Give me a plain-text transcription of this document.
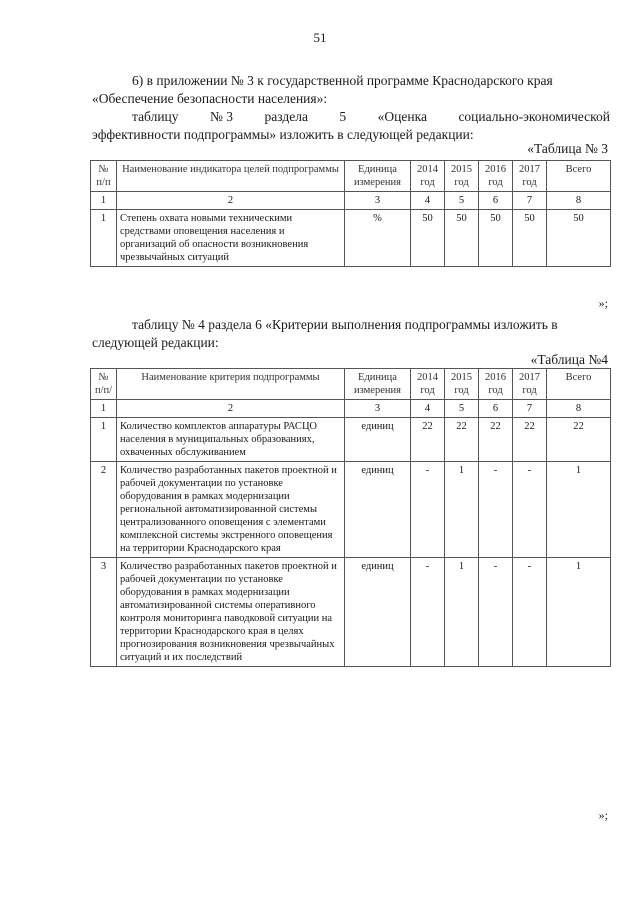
51
6) в приложении № 3 к государственной программе Краснодарского края
«Обеспечение безопасности населения»:
таблицу № 3 раздела 5 «Оценка социально-экономической
эффективности подпрограммы» изложить в следующей редакции:
«Таблица № 3
№ п/п	Наименование индикатора целей подпрограммы	Единица измерения	2014 год	2015 год	2016 год	2017 год	Всего
1	2	3	4	5	6	7	8
1	Степень охвата новыми техническими средствами оповещения населения и организаций об опасности возникновения чрезвычайных ситуаций	%	50	50	50	50	50
»;
таблицу № 4 раздела 6 «Критерии выполнения подпрограммы изложить в
следующей редакции:
«Таблица №4
№ п/п/	Наименование критерия подпрограммы	Единица измерения	2014 год	2015 год	2016 год	2017 год	Всего
1	2	3	4	5	6	7	8
1	Количество комплектов аппаратуры РАСЦО населения в муниципальных образованиях, охваченных обслуживанием	единиц	22	22	22	22	22
2	Количество разработанных пакетов проектной и рабочей документации по установке оборудования в рамках модернизации региональной автоматизированной системы централизованного оповещения с элементами комплексной системы экстренного оповещения на территории Краснодарского края	единиц	-	1	-	-	1
3	Количество разработанных пакетов проектной и рабочей документации по установке оборудования в рамках модернизации автоматизированной системы оперативного контроля мониторинга паводковой ситуации на территории Краснодарского края в целях прогнозирования возникновения чрезвычайных ситуаций и их последствий	единиц	-	1	-	-	1
»;
